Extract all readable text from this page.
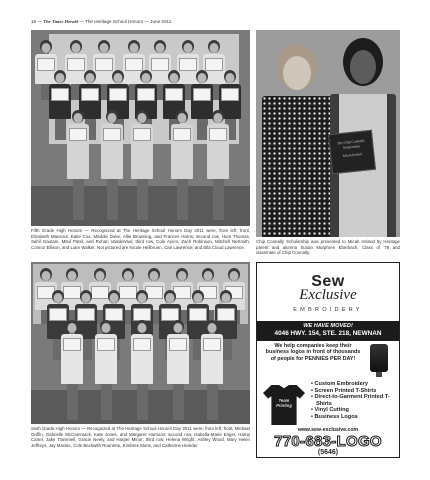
16 — The Times-Herald — The Heritage School Honors — June 2011
The Chip Connally
Scholarship
Micah Ireland
Fifth Grade High Honors — Recognized at The Heritage School Honors Day 2011 were, from left, front, Elizabeth Mansour, Katie Cox, Maddie Duke, Allie Browning, and Frances Harris; second row, Hunt Thomas, Sahil Gautam, Mitul Patel, and Rohan Vandervlus; third row, Cole Ayers, Zach Robinson, Mitchell NeSmith, Connor Ellison, and Liam Walker. Not pictured are Nicole Heilbrunn, Cari Lawrence, and Ella Cloud Lawrence.
Chip Connally Scholarship was presented to Micah Ireland by Heritage parent and alumna Susan Murphree Eberbach, Class of '78 and classmate of Chip Connally.
Sixth Grade High Honors — Recognized at The Heritage School Honors Day 2011 were, from left, front, Michael Griffin, Gabrielle McCammack, Kate Jones, and Margaret Harrison; second row, Isabella-Marie Enger, Hamp Carter, Jake Trammell, Gracie Neely, and Harper Minor; third row, Helena Wright, Ashley Wood, Mary Helen Jeffreys, Jay Mackie, Cole Beckwith Rountree, Kimbree Moris, and Catherine Heinder.
Sew
Exclusive
EMBROIDERY
WE HAVE MOVED!
4046 HWY. 154, STE. 218, NEWNAN
We help companies keep their business logos in front of thousands of people for PENNIES PER DAY!
Team Printing
• Custom Embroidery
• Screen Printed T-Shirts
• Direct-to-Garment Printed T-Shirts
• Vinyl Cutting
• Business Logos
www.sew-exclusive.com
770-683-LOGO
(5646)
